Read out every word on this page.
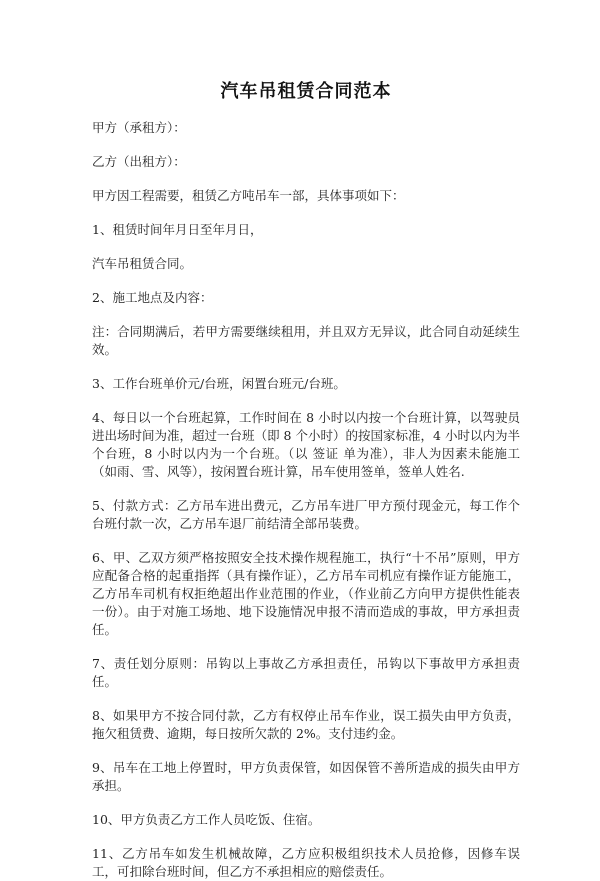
汽车吊租赁合同范本

甲方（承租方）：

乙方（出租方）：

甲方因工程需要，租赁乙方吨吊车一部，具体事项如下：

1、租赁时间年月日至年月日，

汽车吊租赁合同。

2、施工地点及内容：

注：合同期满后，若甲方需要继续租用，并且双方无异议，此合同自动延续生效。

3、工作台班单价元/台班，闲置台班元/台班。

4、每日以一个台班起算，工作时间在 8 小时以内按一个台班计算，以驾驶员进出场时间为准，超过一台班（即 8 个小时）的按国家标准，4 小时以内为半个台班，8 小时以内为一个台班。（以 签证 单为准），非人为因素未能施工（如雨、雪、风等），按闲置台班计算，吊车使用签单，签单人姓名.

5、付款方式：乙方吊车进出费元，乙方吊车进厂甲方预付现金元，每工作个台班付款一次，乙方吊车退厂前结清全部吊装费。

6、甲、乙双方须严格按照安全技术操作规程施工，执行“十不吊”原则，甲方应配备合格的起重指挥（具有操作证），乙方吊车司机应有操作证方能施工，乙方吊车司机有权拒绝超出作业范围的作业，（作业前乙方向甲方提供性能表一份）。由于对施工场地、地下设施情况申报不清而造成的事故，甲方承担责任。

7、责任划分原则：吊钩以上事故乙方承担责任，吊钩以下事故甲方承担责任。

8、如果甲方不按合同付款，乙方有权停止吊车作业，误工损失由甲方负责，拖欠租赁费、逾期，每日按所欠款的 2%。支付违约金。

9、吊车在工地上停置时，甲方负责保管，如因保管不善所造成的损失由甲方承担。

10、甲方负责乙方工作人员吃饭、住宿。

11、乙方吊车如发生机械故障，乙方应积极组织技术人员抢修，因修车误工，可扣除台班时间，但乙方不承担相应的赔偿责任。
